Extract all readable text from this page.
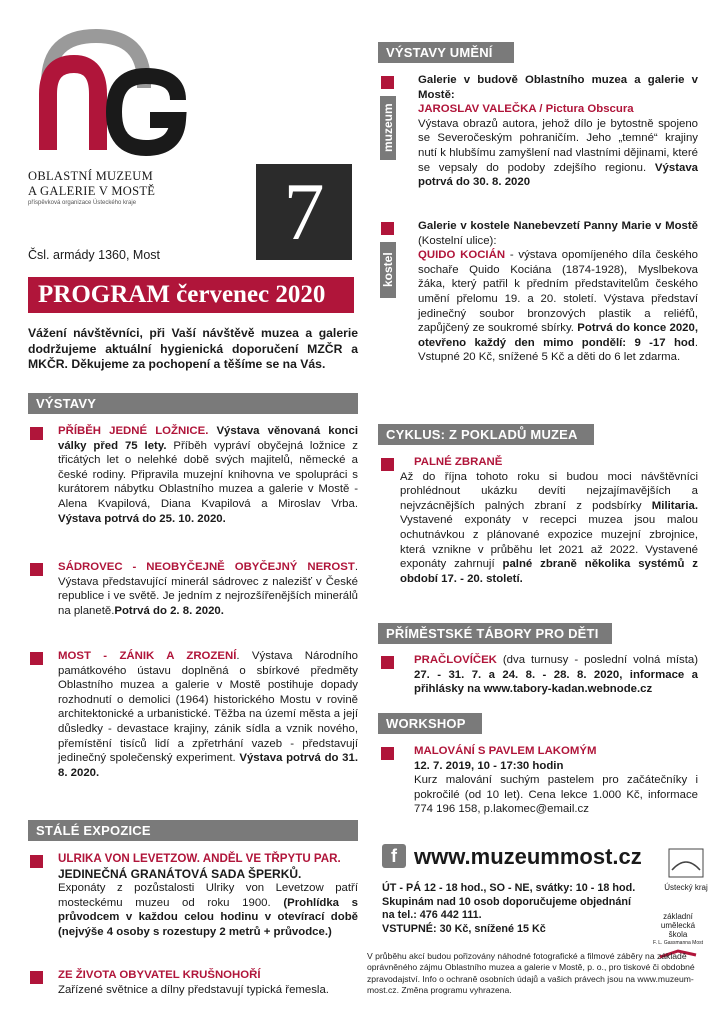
OBLASTNÍ MUZEUM
A GALERIE V MOSTĚ
příspěvková organizace Ústeckého kraje	7
Čsl. armády 1360, Most
PROGRAM červenec 2020
Vážení návštěvníci, při Vaší návštěvě muzea a galerie dodržujeme aktuální hygienická doporučení MZČR a MKČR. Děkujeme za pochopení a těšíme se na Vás.
VÝSTAVY
PŘÍBĚH JEDNÉ LOŽNICE. Výstava věnovaná konci války před 75 lety. Příběh vypráví obyčejná ložnice z třicátých let o nelehké době svých majitelů, německé a české rodiny. Připravila muzejní knihovna ve spolupráci s kurátorem nábytku Oblastního muzea a galerie v Mostě - Alena Kvapilová, Diana Kvapilová a Miroslav Vrba. Výstava potrvá do 25. 10. 2020.
SÁDROVEC - NEOBYČEJNĚ OBYČEJNÝ NEROST. Výstava představující minerál sádrovec z nalezišť v České republice i ve světě. Je jedním z nejrozšířenějších minerálů na planetě.Potrvá do 2. 8. 2020.
MOST - ZÁNIK A ZROZENÍ. Výstava Národního památkového ústavu doplněná o sbírkové předměty Oblastního muzea a galerie v Mostě postihuje dopady rozhodnutí o demolici (1964) historického Mostu v rovině architektonické a urbanistické. Těžba na území města a její důsledky - devastace krajiny, zánik sídla a vznik nového, přemístění tisíců lidí a zpřetrhání vazeb - představují jedinečný společenský experiment. Výstava potrvá do 31. 8. 2020.
STÁLÉ EXPOZICE
ULRIKA VON LEVETZOW. ANDĚL VE TŘPYTU PAR.
JEDINEČNÁ GRANÁTOVÁ SADA ŠPERKŮ.
Exponáty z pozůstalosti Ulriky von Levetzow patří mosteckému muzeu od roku 1900. (Prohlídka s průvodcem v každou celou hodinu v otevírací době (nejvýše 4 osoby s rozestupy 2 metrů + průvodce.)
ZE ŽIVOTA OBYVATEL KRUŠNOHOŘÍ
Zařízené světnice a dílny představují typická řemesla.
VÝSTAVY UMĚNÍ
muzeum
Galerie v budově Oblastního muzea a galerie v Mostě:
JAROSLAV VALEČKA / Pictura Obscura
Výstava obrazů autora, jehož dílo je bytostně spojeno se Severočeským pohraničím. Jeho „temné“ krajiny nutí k hlubšímu zamyšlení nad vlastními dějinami, které se vepsaly do podoby zdejšího regionu. Výstava potrvá do 30. 8. 2020
kostel
Galerie v kostele Nanebevzetí Panny Marie v Mostě (Kostelní ulice):
QUIDO KOCIÁN - výstava opomíjeného díla českého sochaře Quido Kociána (1874-1928), Myslbekova žáka, který patřil k předním představitelům českého umění přelomu 19. a 20. století. Výstava představí jedinečný soubor bronzových plastik a reliéfů, zapůjčený ze soukromé sbírky. Potrvá do konce 2020, otevřeno každý den mimo pondělí: 9 -17 hod. Vstupné 20 Kč, snížené 5 Kč a děti do 6 let zdarma.
CYKLUS: Z POKLADŮ MUZEA
PALNÉ ZBRANĚ
Až do října tohoto roku si budou moci návštěvníci prohlédnout ukázku devíti nejzajímavějších a nejvzácnějších palných zbraní z podsbírky Militaria. Vystavené exponáty v recepci muzea jsou malou ochutnávkou z plánované expozice muzejní zbrojnice, která vznikne v průběhu let 2021 až 2022. Vystavené exponáty zahrnují palné zbraně několika systémů z období 17. - 20. století.
PŘÍMĚSTSKÉ TÁBORY PRO DĚTI
PRAČLOVÍČEK (dva turnusy - poslední volná místa) 27. - 31. 7. a 24. 8. - 28. 8. 2020, informace a přihlásky na www.tabory-kadan.webnode.cz
WORKSHOP
MALOVÁNÍ S PAVLEM LAKOMÝM
12. 7. 2019, 10 - 17:30 hodin
Kurz malování suchým pastelem pro začátečníky i pokročilé (od 10 let). Cena lekce 1.000 Kč, informace 774 196 158, p.lakomec@email.cz
f www.muzeummost.cz
ÚT - PÁ 12 - 18 hod., SO - NE, svátky: 10 - 18 hod.
Skupinám nad 10 osob doporučujeme objednání
na tel.: 476 442 111.
VSTUPNÉ: 30 Kč, snížené 15 Kč
Ústecký kraj
základní
umělecká
škola
F. L. Gassmanna Most
V průběhu akcí budou pořizovány náhodné fotografické a filmové záběry na základě oprávněného zájmu Oblastního muzea a galerie v Mostě, p. o., pro tiskové či obdobné zpravodajství. Info o ochraně osobních údajů a vašich právech jsou na www.muzeum-most.cz. Změna programu vyhrazena.
